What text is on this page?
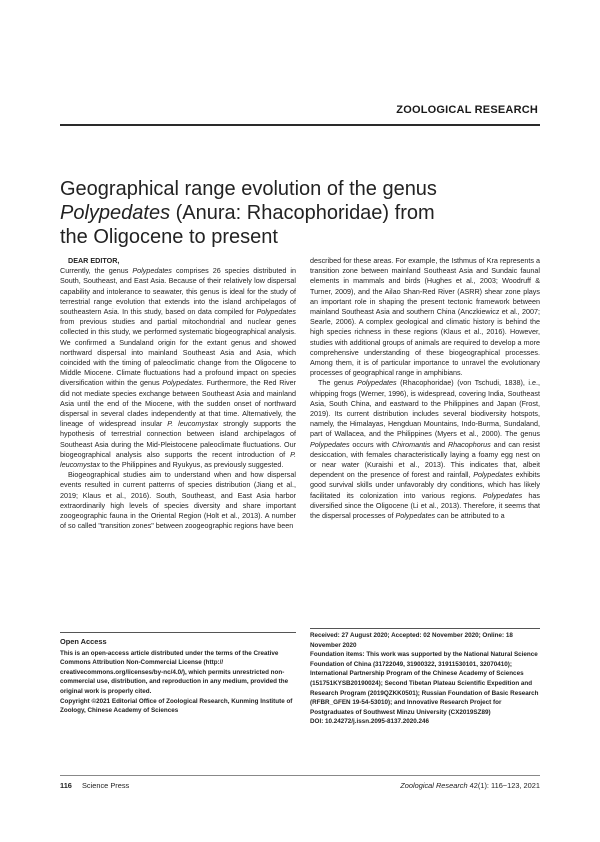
ZOOLOGICAL RESEARCH
Geographical range evolution of the genus
Polypedates (Anura: Rhacophoridae) from
the Oligocene to present

DEAR EDITOR,

Currently, the genus Polypedates comprises 26 species distributed in South, Southeast, and East Asia. Because of their relatively low dispersal capability and intolerance to seawater, this genus is ideal for the study of terrestrial range evolution that extends into the island archipelagos of southeastern Asia. In this study, based on data compiled for Polypedates from previous studies and partial mitochondrial and nuclear genes collected in this study, we performed systematic biogeographical analysis. We confirmed a Sundaland origin for the extant genus and showed northward dispersal into mainland Southeast Asia and Asia, which coincided with the timing of paleoclimatic change from the Oligocene to Middle Miocene. Climate fluctuations had a profound impact on species diversification within the genus Polypedates. Furthermore, the Red River did not mediate species exchange between Southeast Asia and mainland Asia until the end of the Miocene, with the sudden onset of northward dispersal in several clades independently at that time. Alternatively, the lineage of widespread insular P. leucomystax strongly supports the hypothesis of terrestrial connection between island archipelagos of Southeast Asia during the Mid-Pleistocene paleoclimate fluctuations. Our biogeographical analysis also supports the recent introduction of P. leucomystax to the Philippines and Ryukyus, as previously suggested.

Biogeographical studies aim to understand when and how dispersal events resulted in current patterns of species distribution (Jiang et al., 2019; Klaus et al., 2016). South, Southeast, and East Asia harbor extraordinarily high levels of species diversity and share important zoogeographic fauna in the Oriental Region (Holt et al., 2013). A number of so called "transition zones" between zoogeographic regions have been

described for these areas. For example, the Isthmus of Kra represents a transition zone between mainland Southeast Asia and Sundaic faunal elements in mammals and birds (Hughes et al., 2003; Woodruff & Turner, 2009), and the Ailao Shan-Red River (ASRR) shear zone plays an important role in shaping the present tectonic framework between mainland Southeast Asia and southern China (Anczkiewicz et al., 2007; Searle, 2006). A complex geological and climatic history is behind the high species richness in these regions (Klaus et al., 2016). However, studies with additional groups of animals are required to develop a more comprehensive understanding of these biogeographical processes. Among them, it is of particular importance to unravel the evolutionary processes of geographical range in amphibians.

The genus Polypedates (Rhacophoridae) (von Tschudi, 1838), i.e., whipping frogs (Werner, 1996), is widespread, covering India, Southeast Asia, South China, and eastward to the Philippines and Japan (Frost, 2019). Its current distribution includes several biodiversity hotspots, namely, the Himalayas, Hengduan Mountains, Indo-Burma, Sundaland, part of Wallacea, and the Philippines (Myers et al., 2000). The genus Polypedates occurs with Chiromantis and Rhacophorus and can resist desiccation, with females characteristically laying a foamy egg nest on or near water (Kuraishi et al., 2013). This indicates that, albeit dependent on the presence of forest and rainfall, Polypedates exhibits good survival skills under unfavorably dry conditions, which has likely facilitated its colonization into various regions. Polypedates has diversified since the Oligocene (Li et al., 2013). Therefore, it seems that the dispersal processes of Polypedates can be attributed to a

Open Access

This is an open-access article distributed under the terms of the Creative Commons Attribution Non-Commercial License (http:// creativecommons.org/licenses/by-nc/4.0/), which permits unrestricted non-commercial use, distribution, and reproduction in any medium, provided the original work is properly cited.

Copyright ©2021 Editorial Office of Zoological Research, Kunming Institute of Zoology, Chinese Academy of Sciences

Received: 27 August 2020; Accepted: 02 November 2020; Online: 18 November 2020

Foundation items: This work was supported by the National Natural Science Foundation of China (31722049, 31900322, 31911530101, 32070410); International Partnership Program of the Chinese Academy of Sciences (151751KYSB20190024); Second Tibetan Plateau Scientific Expedition and Research Program (2019QZKK0501); Russian Foundation of Basic Research (RFBR_GFEN 19-54-53010); and Innovative Research Project for Postgraduates of Southwest Minzu University (CX2019SZ89)

DOI: 10.24272/j.issn.2095-8137.2020.246

116 Science Press	Zoological Research 42(1): 116−123, 2021
